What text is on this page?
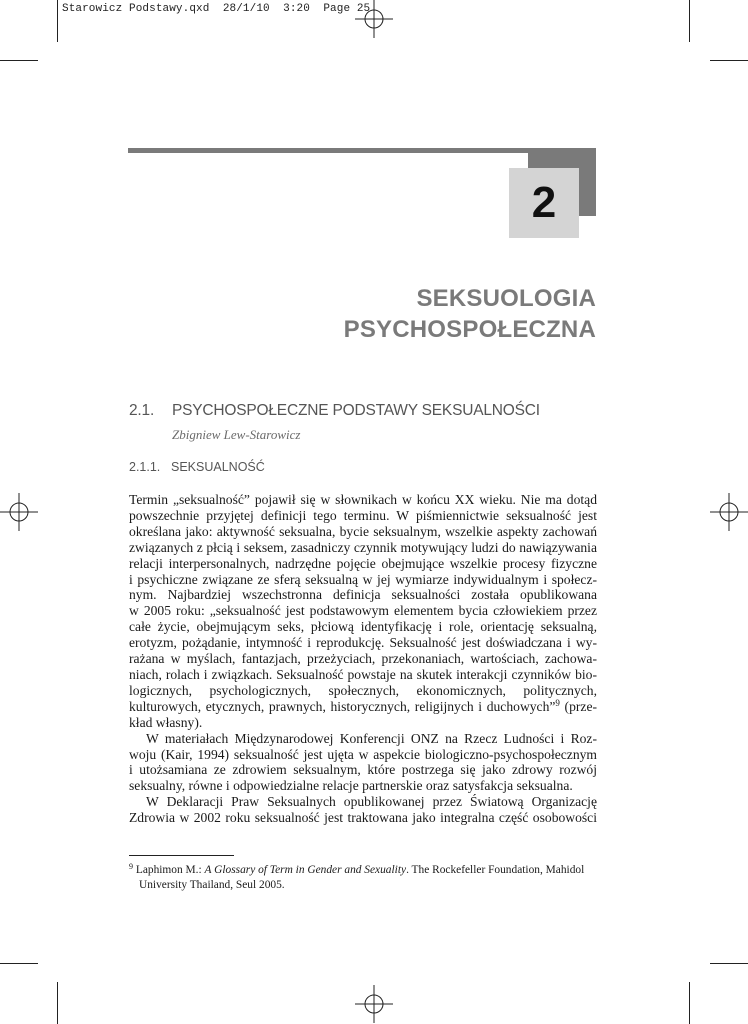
Starowicz Podstawy.qxd  28/1/10  3:20  Page 25
2
SEKSUOLOGIA
PSYCHOSPOŁECZNA
2.1. PSYCHOSPOŁECZNE PODSTAWY SEKSUALNOŚCI
Zbigniew Lew-Starowicz
2.1.1. SEKSUALNOŚĆ
Termin „seksualność” pojawił się w słownikach w końcu XX wieku. Nie ma dotąd
powszechnie przyjętej definicji tego terminu. W piśmiennictwie seksualność jest
określana jako: aktywność seksualna, bycie seksualnym, wszelkie aspekty zachowań
związanych z płcią i seksem, zasadniczy czynnik motywujący ludzi do nawiązywania
relacji interpersonalnych, nadrzędne pojęcie obejmujące wszelkie procesy fizyczne
i psychiczne związane ze sferą seksualną w jej wymiarze indywidualnym i społecz-
nym. Najbardziej wszechstronna definicja seksualności została opublikowana
w 2005 roku: „seksualność jest podstawowym elementem bycia człowiekiem przez
całe życie, obejmującym seks, płciową identyfikację i role, orientację seksualną,
erotyzm, pożądanie, intymność i reprodukcję. Seksualność jest doświadczana i wy-
rażana w myślach, fantazjach, przeżyciach, przekonaniach, wartościach, zachowa-
niach, rolach i związkach. Seksualność powstaje na skutek interakcji czynników bio-
logicznych, psychologicznych, społecznych, ekonomicznych, politycznych,
kulturowych, etycznych, prawnych, historycznych, religijnych i duchowych”$^9$ (prze-
kład własny).
W materiałach Międzynarodowej Konferencji ONZ na Rzecz Ludności i Roz-
woju (Kair, 1994) seksualność jest ujęta w aspekcie biologiczno-psychospołecznym
i utożsamiana ze zdrowiem seksualnym, które postrzega się jako zdrowy rozwój
seksualny, równe i odpowiedzialne relacje partnerskie oraz satysfakcja seksualna.
W Deklaracji Praw Seksualnych opublikowanej przez Światową Organizację
Zdrowia w 2002 roku seksualność jest traktowana jako integralna część osobowości
$^9$ Laphimon M.: A Glossary of Term in Gender and Sexuality. The Rockefeller Foundation, Mahidol
University Thailand, Seul 2005.
